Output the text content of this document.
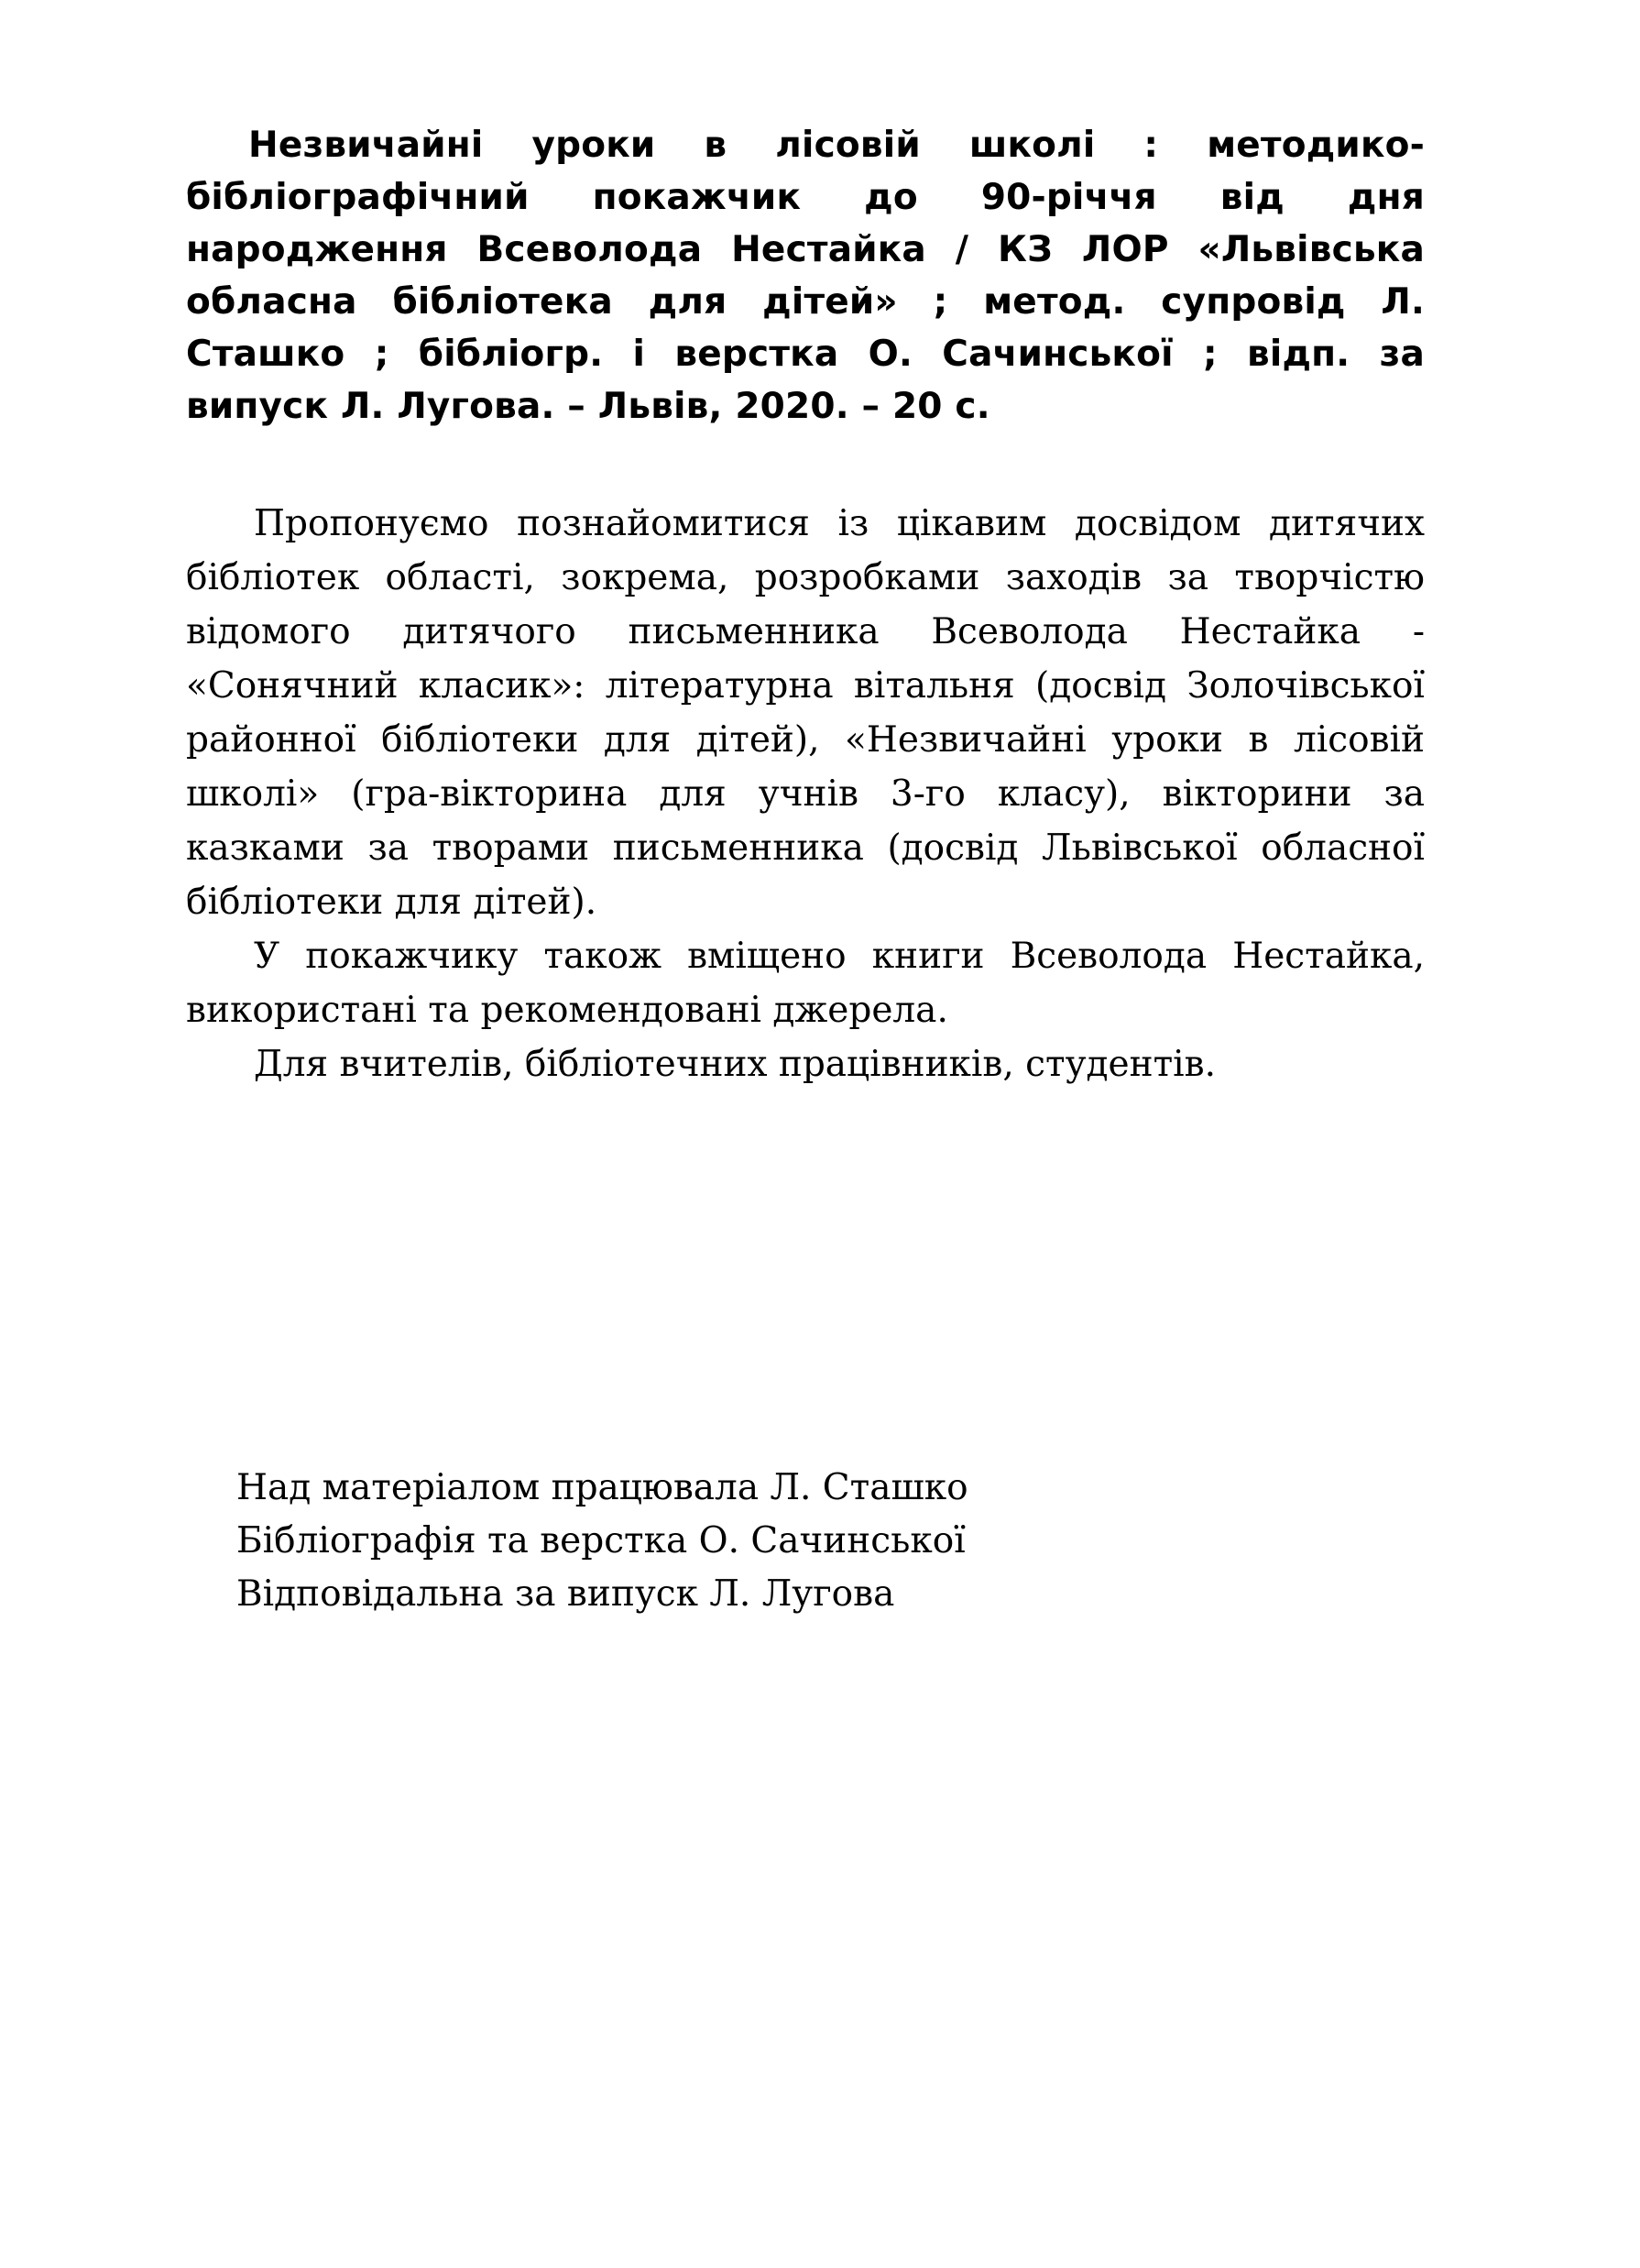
Незвичайні уроки в лісовій школі : методико-бібліографічний покажчик до 90-річчя від дня народження Всеволода Нестайка / КЗ ЛОР «Львівська обласна бібліотека для дітей» ; метод. супровід Л. Сташко ; бібліогр. і верстка О. Сачинської ; відп. за випуск Л. Лугова. – Львів, 2020. – 20 с.

Пропонуємо познайомитися із цікавим досвідом дитячих бібліотек області, зокрема, розробками заходів за творчістю відомого дитячого письменника Всеволода Нестайка - «Сонячний класик»: літературна вітальня (досвід Золочівської районної бібліотеки для дітей), «Незвичайні уроки в лісовій школі» (гра-вікторина для учнів 3-го класу), вікторини за казками за творами письменника (досвід Львівської обласної бібліотеки для дітей).

У покажчику також вміщено книги Всеволода Нестайка, використані та рекомендовані джерела.

Для вчителів, бібліотечних працівників, студентів.

Над матеріалом працювала Л. Сташко
Бібліографія та верстка О. Сачинської
Відповідальна за випуск Л. Лугова
